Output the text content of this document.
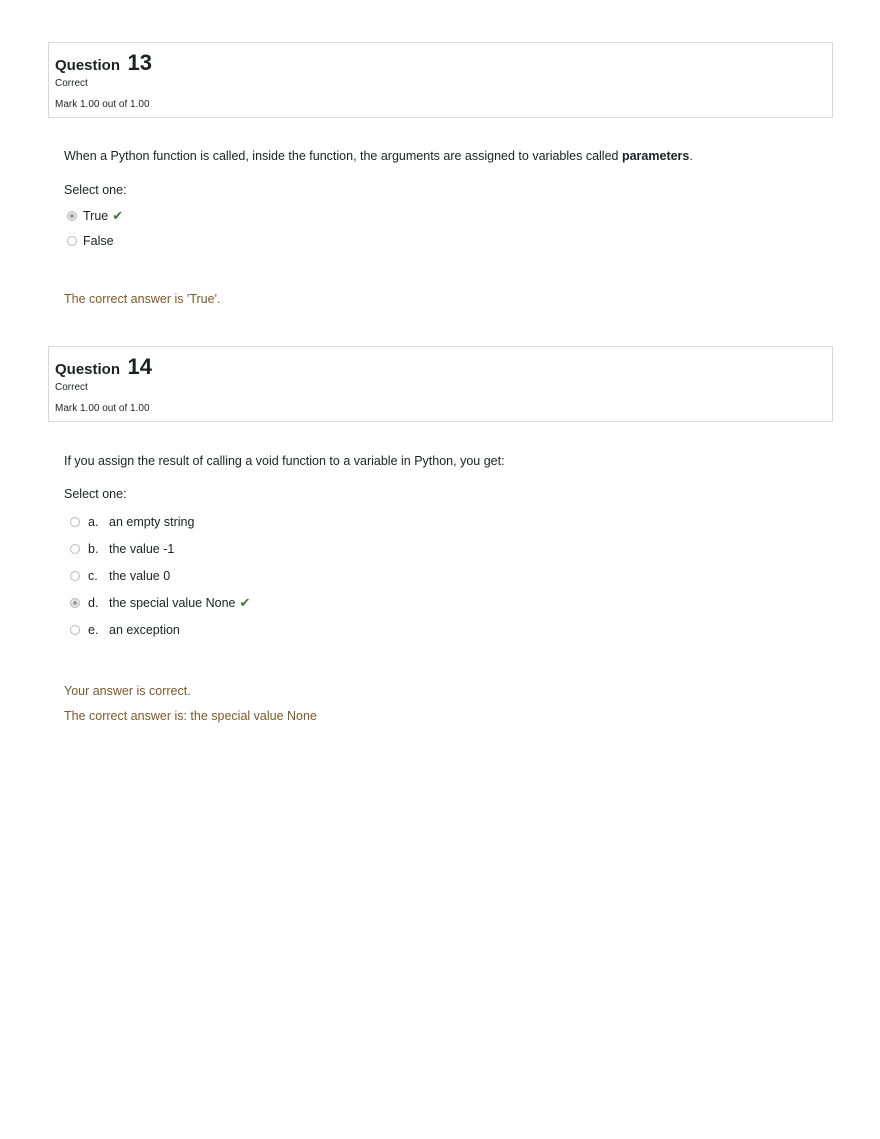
Question 13
Correct
Mark 1.00 out of 1.00
When a Python function is called, inside the function, the arguments are assigned to variables called parameters.
Select one:
True ✔
False
The correct answer is 'True'.
Question 14
Correct
Mark 1.00 out of 1.00
If you assign the result of calling a void function to a variable in Python, you get:
Select one:
a. an empty string
b. the value -1
c. the value 0
d. the special value None ✔
e. an exception
Your answer is correct.
The correct answer is: the special value None
